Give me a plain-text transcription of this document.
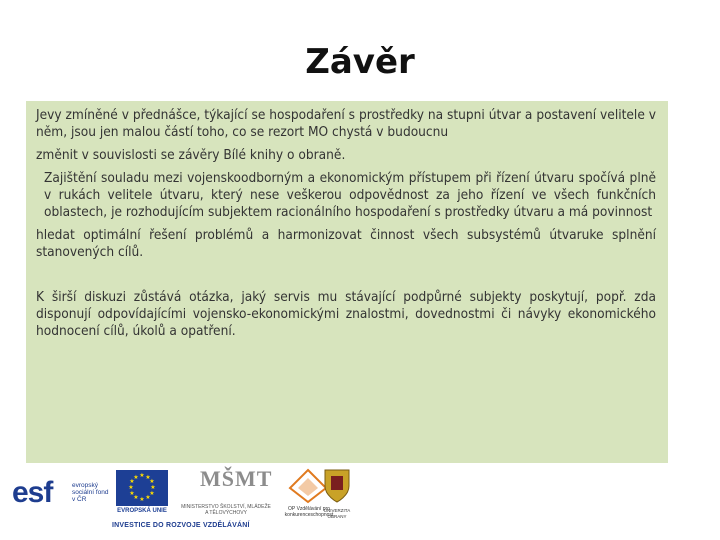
Závěr

Jevy zmíněné v přednášce, týkající se hospodaření s prostředky na stupni útvar a postavení velitele v něm, jsou jen malou částí toho, co se rezort MO chystá v budoucnu

změnit v souvislosti se závěry Bílé knihy o obraně.

Zajištění souladu mezi vojenskoodborným a ekonomickým přístupem při řízení útvaru spočívá plně v rukách velitele útvaru, který nese veškerou odpovědnost za jeho řízení ve všech funkčních oblastech, je rozhodujícím subjektem racionálního hospodaření s prostředky útvaru a má povinnost

hledat optimální řešení problémů a harmonizovat činnost všech subsystémů útvaruke splnění stanovených cílů.

K širší diskuzi zůstává otázka, jaký servis mu stávající podpůrné subjekty poskytují, popř. zda disponují odpovídajícími vojensko-ekonomickými znalostmi, dovednostmi či návyky ekonomického hodnocení cílů, úkolů a opatření.

esf	evropský sociální fond v ČR
★ ★
★
★
★
★
★
★
★
★
★
★
EVROPSKÁ UNIE
MŠMT
MINISTERSTVO ŠKOLSTVÍ, MLÁDEŽE A TĚLOVÝCHOVY
OP Vzdělávání pro konkurenceschopnost
UNIVERZITA OBRANY
INVESTICE DO ROZVOJE VZDĚLÁVÁNÍ
